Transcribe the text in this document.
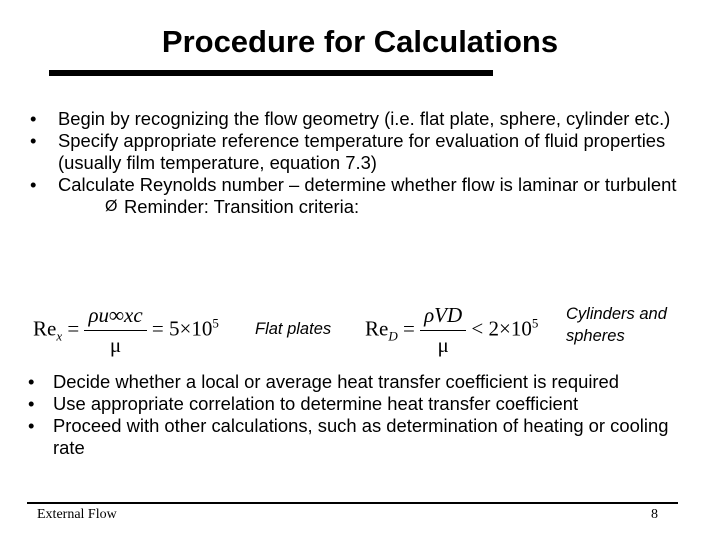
Procedure for Calculations
• Begin by recognizing the flow geometry (i.e. flat plate, sphere, cylinder etc.)
• Specify appropriate reference temperature for evaluation of fluid properties (usually film temperature, equation 7.3)
• Calculate Reynolds number – determine whether flow is laminar or turbulent
Ø Reminder: Transition criteria:
$Re_x = \frac{\rho u\infty xc}{\mu} = 5\times 10^5$ Flat plates $Re_D = \frac{\text{ρVD}}{\mu} < 2\times 10^5$ Cylinders and
spheres
• Decide whether a local or average heat transfer coefficient is required
• Use appropriate correlation to determine heat transfer coefficient
• Proceed with other calculations, such as determination of heating or cooling rate
External Flow	8
